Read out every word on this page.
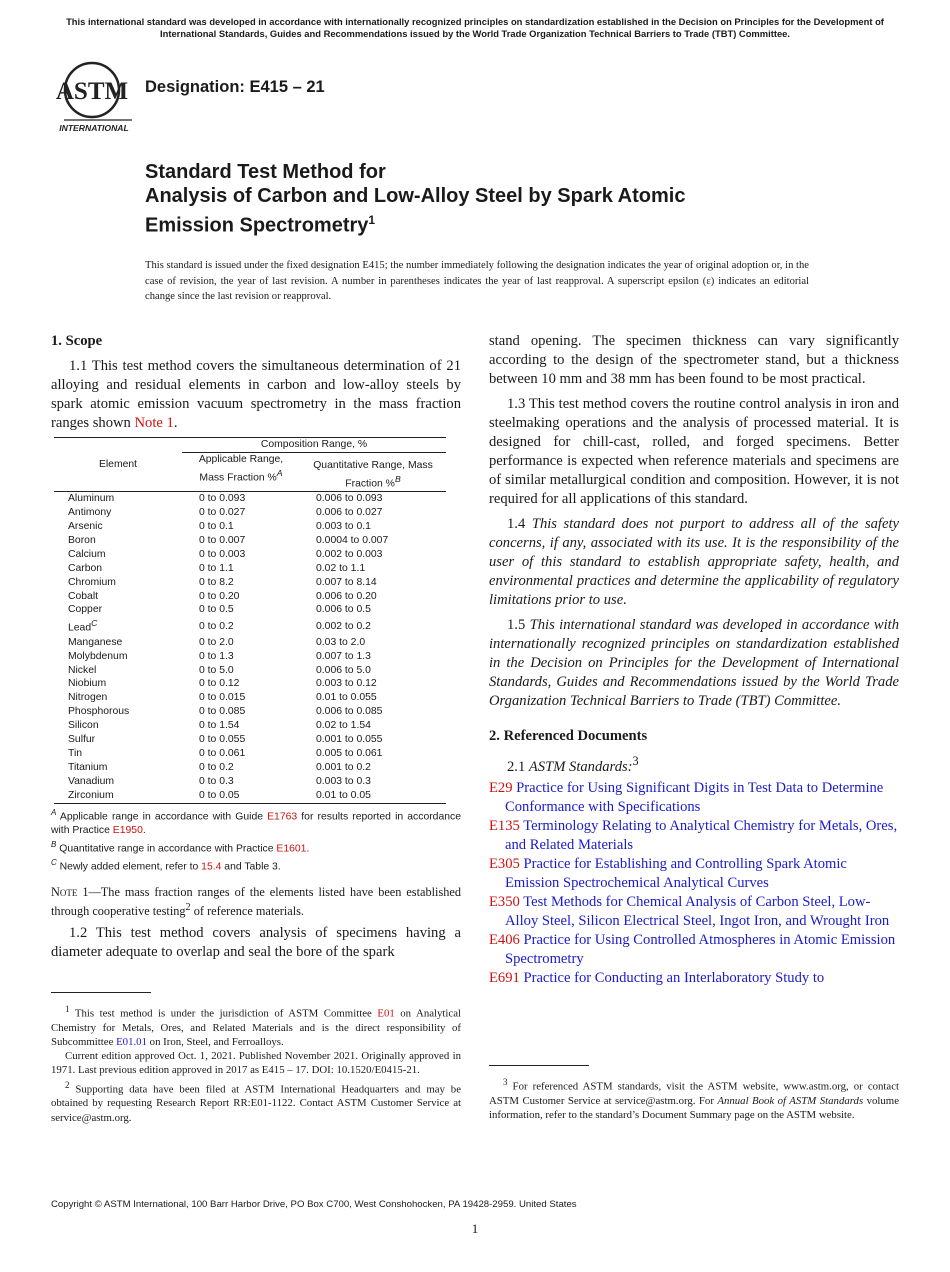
This international standard was developed in accordance with internationally recognized principles on standardization established in the Decision on Principles for the Development of International Standards, Guides and Recommendations issued by the World Trade Organization Technical Barriers to Trade (TBT) Committee.
ASTM
INTERNATIONAL
Designation: E415 – 21
Standard Test Method for
Analysis of Carbon and Low-Alloy Steel by Spark Atomic
Emission Spectrometry$^1$
This standard is issued under the fixed designation E415; the number immediately following the designation indicates the year of original adoption or, in the case of revision, the year of last revision. A number in parentheses indicates the year of last reapproval. A superscript epsilon (ε) indicates an editorial change since the last revision or reapproval.
1. Scope

1.1 This test method covers the simultaneous determination of 21 alloying and residual elements in carbon and low-alloy steels by spark atomic emission vacuum spectrometry in the mass fraction ranges shown Note 1.

Element	Composition Range, %	
	Applicable Range, Mass Fraction %$^A$	Quantitative Range, Mass Fraction %$^B$
Aluminum	0 to 0.093	0.006 to 0.093
Antimony	0 to 0.027	0.006 to 0.027
Arsenic	0 to 0.1	0.003 to 0.1
Boron	0 to 0.007	0.0004 to 0.007
Calcium	0 to 0.003	0.002 to 0.003
Carbon	0 to 1.1	0.02 to 1.1
Chromium	0 to 8.2	0.007 to 8.14
Cobalt	0 to 0.20	0.006 to 0.20
Copper	0 to 0.5	0.006 to 0.5
Lead$^C$	0 to 0.2	0.002 to 0.2
Manganese	0 to 2.0	0.03 to 2.0
Molybdenum	0 to 1.3	0.007 to 1.3
Nickel	0 to 5.0	0.006 to 5.0
Niobium	0 to 0.12	0.003 to 0.12
Nitrogen	0 to 0.015	0.01 to 0.055
Phosphorous	0 to 0.085	0.006 to 0.085
Silicon	0 to 1.54	0.02 to 1.54
Sulfur	0 to 0.055	0.001 to 0.055
Tin	0 to 0.061	0.005 to 0.061
Titanium	0 to 0.2	0.001 to 0.2
Vanadium	0 to 0.3	0.003 to 0.3
Zirconium	0 to 0.05	0.01 to 0.05
$^A$ Applicable range in accordance with Guide E1763 for results reported in accordance with Practice E1950.
$^B$ Quantitative range in accordance with Practice E1601.
$^C$ Newly added element, refer to 15.4 and Table 3.
Note 1—The mass fraction ranges of the elements listed have been established through cooperative testing$^2$ of reference materials.

1.2 This test method covers analysis of specimens having a diameter adequate to overlap and seal the bore of the spark

$^1$ This test method is under the jurisdiction of ASTM Committee E01 on Analytical Chemistry for Metals, Ores, and Related Materials and is the direct responsibility of Subcommittee E01.01 on Iron, Steel, and Ferroalloys.

Current edition approved Oct. 1, 2021. Published November 2021. Originally approved in 1971. Last previous edition approved in 2017 as E415 – 17. DOI: 10.1520/E0415-21.

$^2$ Supporting data have been filed at ASTM International Headquarters and may be obtained by requesting Research Report RR:E01-1122. Contact ASTM Customer Service at service@astm.org.

stand opening. The specimen thickness can vary significantly according to the design of the spectrometer stand, but a thickness between 10 mm and 38 mm has been found to be most practical.

1.3 This test method covers the routine control analysis in iron and steelmaking operations and the analysis of processed material. It is designed for chill-cast, rolled, and forged specimens. Better performance is expected when reference materials and specimens are of similar metallurgical condition and composition. However, it is not required for all applications of this standard.

1.4 This standard does not purport to address all of the safety concerns, if any, associated with its use. It is the responsibility of the user of this standard to establish appropriate safety, health, and environmental practices and determine the applicability of regulatory limitations prior to use.

1.5 This international standard was developed in accordance with internationally recognized principles on standardization established in the Decision on Principles for the Development of International Standards, Guides and Recommendations issued by the World Trade Organization Technical Barriers to Trade (TBT) Committee.

2. Referenced Documents

2.1 ASTM Standards:$^3$

E29 Practice for Using Significant Digits in Test Data to Determine Conformance with Specifications
E135 Terminology Relating to Analytical Chemistry for Metals, Ores, and Related Materials
E305 Practice for Establishing and Controlling Spark Atomic Emission Spectrochemical Analytical Curves
E350 Test Methods for Chemical Analysis of Carbon Steel, Low-Alloy Steel, Silicon Electrical Steel, Ingot Iron, and Wrought Iron
E406 Practice for Using Controlled Atmospheres in Atomic Emission Spectrometry
E691 Practice for Conducting an Interlaboratory Study to

$^3$ For referenced ASTM standards, visit the ASTM website, www.astm.org, or contact ASTM Customer Service at service@astm.org. For Annual Book of ASTM Standards volume information, refer to the standard’s Document Summary page on the ASTM website.

Copyright © ASTM International, 100 Barr Harbor Drive, PO Box C700, West Conshohocken, PA 19428-2959. United States
1
